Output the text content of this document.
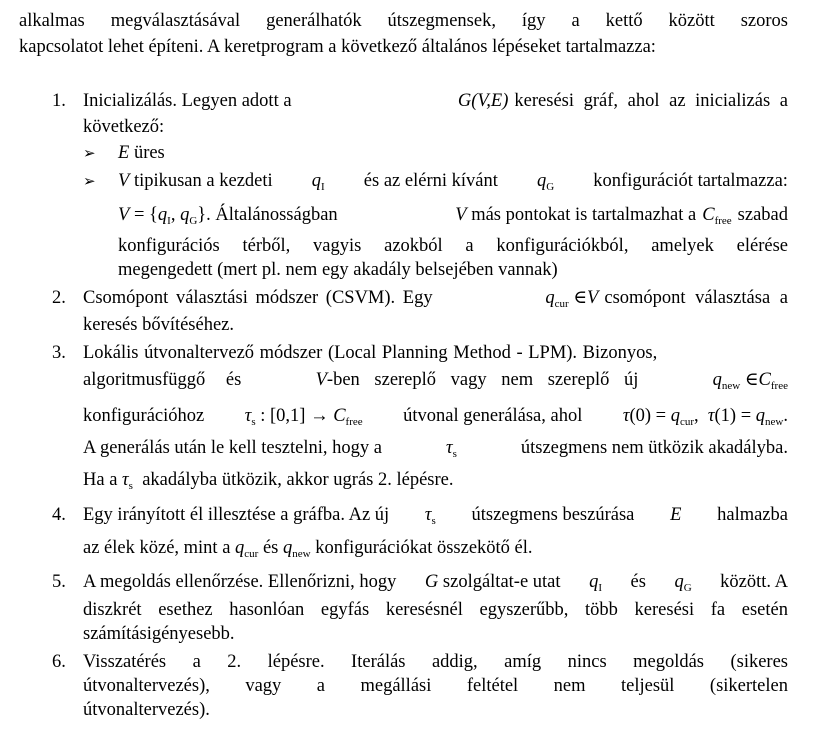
alkalmas megválasztásával generálhatók útszegmensek, így a kettő között szoros
kapcsolatot lehet építeni. A keretprogram a következő általános lépéseket tartalmazza:
1. Inicializálás. Legyen adott a	G(V,E) keresési gráf, ahol az inicializás a
következő:
➢ E üres
➢ V tipikusan a kezdeti $q_I$ és az elérni kívánt $q_G$ konfigurációt tartalmazza:
$V = \{q_I$, $q_G$}. Általánosságban	V más pontokat is tartalmazhat a $C_{free}$ szabad
konfigurációs térből, vagyis azokból a konfigurációkból, amelyek elérése
megengedett (mert pl. nem egy akadály belsejében vannak)
2. Csomópont választási módszer (CSVM). Egy	$q_{cur}$ ∈V csomópont választása a
keresés bővítéséhez.
3. Lokális útvonaltervező módszer (Local Planning Method - LPM). Bizonyos,
algoritmusfüggő és	V-ben szereplő vagy nem szereplő új	$q_{new}$ $\in C_{free}$
konfigurációhoz $\tau_s$ : $[0,1] \to C_{free}$ útvonal generálása, ahol $\tau(0) = q_{cur}$,  $\tau(1) = q_{new}$.
A generálás után le kell tesztelni, hogy a	$\tau_s$	útszegmens nem ütközik akadályba.
Ha a $\tau_s$ akadályba ütközik, akkor ugrás 2. lépésre.
4. Egy irányított él illesztése a gráfba. Az új $\tau_s$ útszegmens beszúrása E halmazba
az élek közé, mint a $q_{cur}$ és $q_{new}$ konfigurációkat összekötő él.
5. A megoldás ellenőrzése. Ellenőrizni, hogy G szolgáltat-e utat $q_I$ és $q_G$ között. A
diszkrét esethez hasonlóan egyfás keresésnél egyszerűbb, több keresési fa esetén
számításigényesebb.
6. Visszatérés a 2. lépésre. Iterálás addig, amíg nincs megoldás (sikeres
útvonaltervezés), vagy a megállási feltétel nem teljesül (sikertelen
útvonaltervezés).
